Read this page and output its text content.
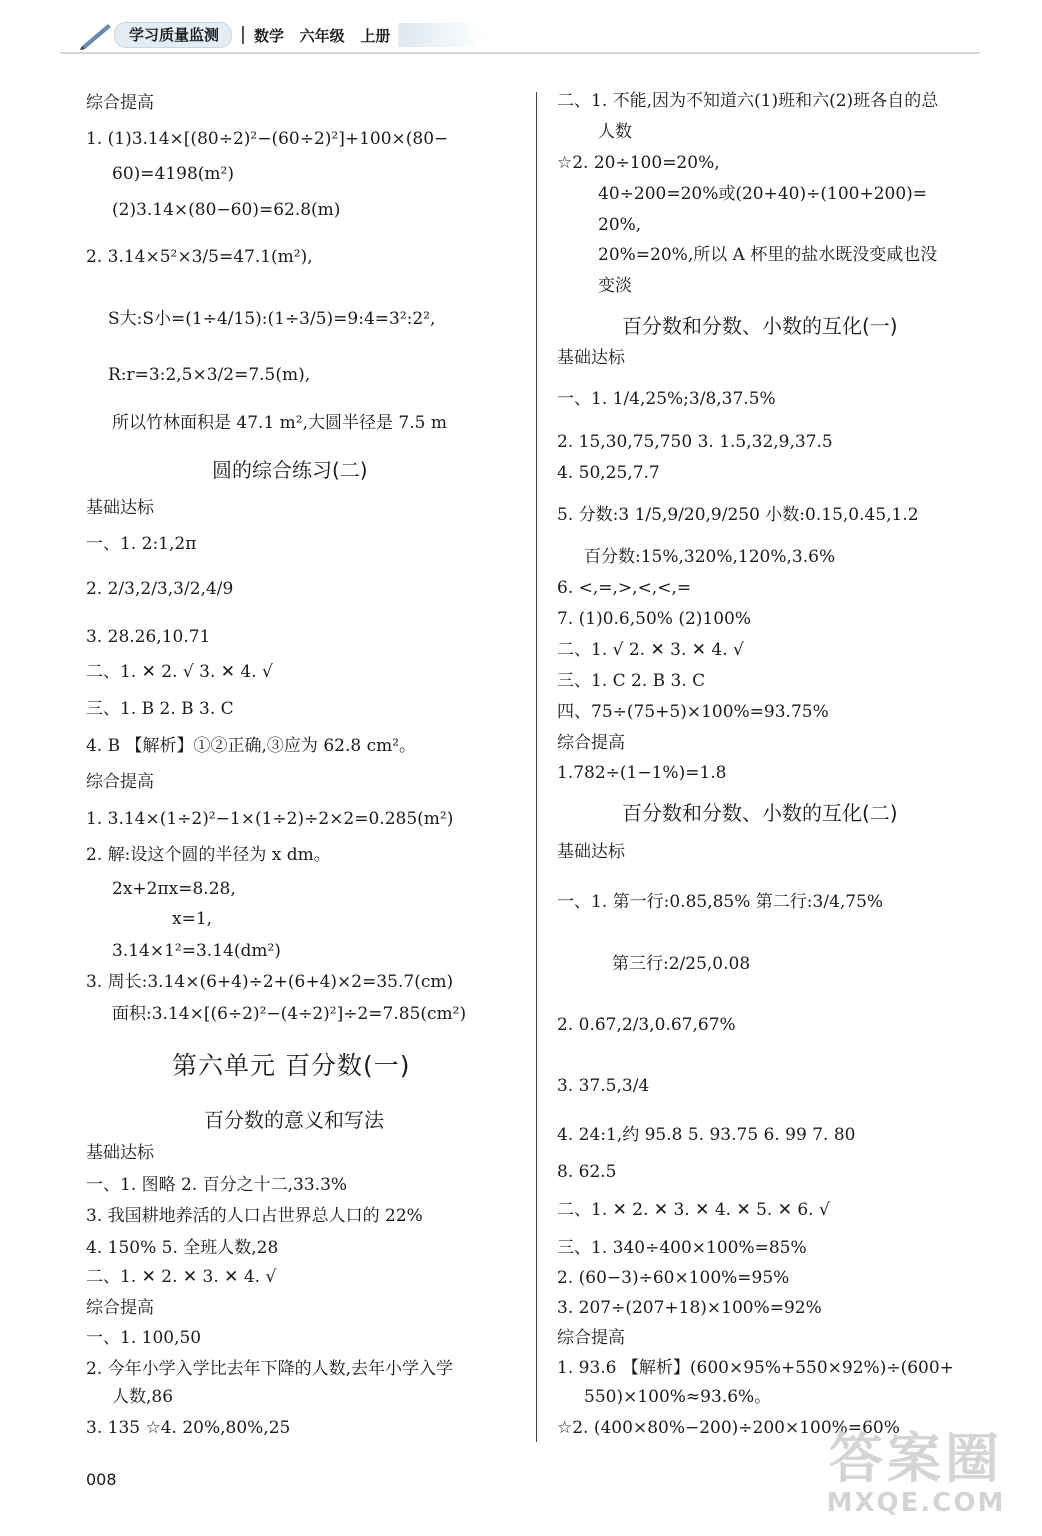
学习质量监测	数学   六年级   上册
综合提高
1. (1)3.14×[(80÷2)²−(60÷2)²]+100×(80−
60)=4198(m²)
(2)3.14×(80−60)=62.8(m)
2. 3.14×5²×3/5=47.1(m²),
S大:S小=(1÷4/15):(1÷3/5)=9:4=3²:2²,
R:r=3:2,5×3/2=7.5(m),
所以竹林面积是 47.1 m²,大圆半径是 7.5 m
圆的综合练习(二)
基础达标
一、1. 2:1,2π
2. 2/3,2/3,3/2,4/9
3. 28.26,10.71
二、1. ✕ 2. √ 3. ✕ 4. √
三、1. B 2. B 3. C
4. B 【解析】①②正确,③应为 62.8 cm²。
综合提高
1. 3.14×(1÷2)²−1×(1÷2)÷2×2=0.285(m²)
2. 解:设这个圆的半径为 x dm。
2x+2πx=8.28,
x=1,
3.14×1²=3.14(dm²)
3. 周长:3.14×(6+4)÷2+(6+4)×2=35.7(cm)
面积:3.14×[(6÷2)²−(4÷2)²]÷2=7.85(cm²)
第六单元 百分数(一)
百分数的意义和写法
基础达标
一、1. 图略 2. 百分之十二,33.3%
3. 我国耕地养活的人口占世界总人口的 22%
4. 150% 5. 全班人数,28
二、1. ✕ 2. ✕ 3. ✕ 4. √
综合提高
一、1. 100,50
2. 今年小学入学比去年下降的人数,去年小学入学
人数,86
3. 135 ☆4. 20%,80%,25
二、1. 不能,因为不知道六(1)班和六(2)班各自的总
人数
☆2. 20÷100=20%,
40÷200=20%或(20+40)÷(100+200)=
20%,
20%=20%,所以 A 杯里的盐水既没变咸也没
变淡
百分数和分数、小数的互化(一)
基础达标
一、1. 1/4,25%;3/8,37.5%
2. 15,30,75,750 3. 1.5,32,9,37.5
4. 50,25,7.7
5. 分数:3 1/5,9/20,9/250 小数:0.15,0.45,1.2
百分数:15%,320%,120%,3.6%
6. <,=,>,<,<,=
7. (1)0.6,50% (2)100%
二、1. √ 2. ✕ 3. ✕ 4. √
三、1. C 2. B 3. C
四、75÷(75+5)×100%=93.75%
综合提高
1.782÷(1−1%)=1.8
百分数和分数、小数的互化(二)
基础达标
一、1. 第一行:0.85,85% 第二行:3/4,75%
第三行:2/25,0.08
2. 0.6̇7,2/3,0.67,67%
3. 37.5,3/4
4. 24:1,约 95.8 5. 93.75 6. 99 7. 80
8. 62.5
二、1. ✕ 2. ✕ 3. ✕ 4. ✕ 5. ✕ 6. √
三、1. 340÷400×100%=85%
2. (60−3)÷60×100%=95%
3. 207÷(207+18)×100%=92%
综合提高
1. 93.6 【解析】(600×95%+550×92%)÷(600+
550)×100%≈93.6%。
☆2. (400×80%−200)÷200×100%=60%
008	答案圈
MXQE.COM
